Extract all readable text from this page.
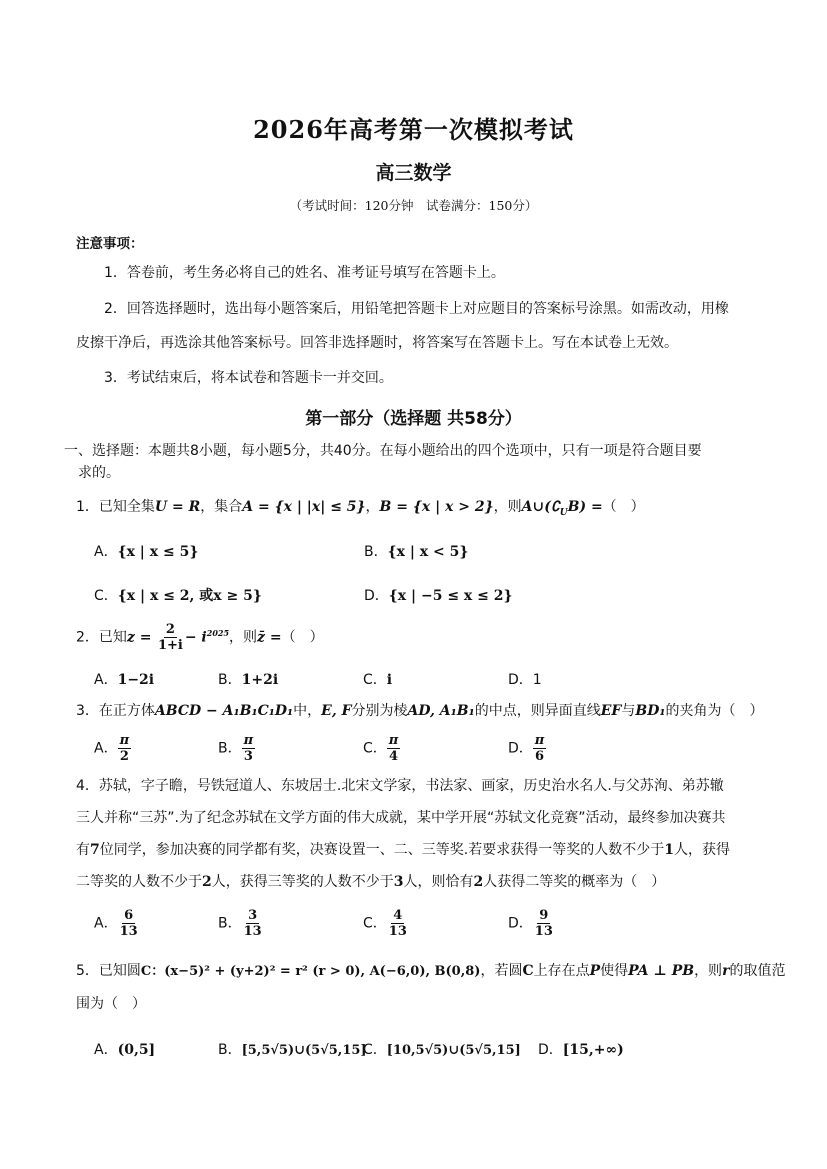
2026年高考第一次模拟考试
高三数学
（考试时间：120分钟　试卷满分：150分）
注意事项：
1．答卷前，考生务必将自己的姓名、准考证号填写在答题卡上。
2．回答选择题时，选出每小题答案后，用铅笔把答题卡上对应题目的答案标号涂黑。如需改动，用橡
皮擦干净后，再选涂其他答案标号。回答非选择题时，将答案写在答题卡上。写在本试卷上无效。
3．考试结束后，将本试卷和答题卡一并交回。
第一部分（选择题 共58分）
一、选择题：本题共8小题，每小题5分，共40分。在每小题给出的四个选项中，只有一项是符合题目要
求的。
1．已知全集U = R，集合A = {x | |x| ≤ 5}，B = {x | x > 2}，则$A\cup(∁_UB)$ =（　）
A．{x | x ≤ 5}	B．{x | x < 5}
C．{x | x ≤ 2, 或x ≥ 5}	D．{x | −5 ≤ x ≤ 2}
2．已知$z = \frac{2}{1+i} - i^{2025}$，则z̄ =（　）
A．1−2i	B．1+2i	C．i	D．1
3．在正方体ABCD − A₁B₁C₁D₁中，E, F分别为棱AD, A₁B₁的中点，则异面直线EF与BD₁的夹角为（　）
A． $\frac{\pi}{2}$	B． $\frac{\pi}{3}$	C． $\frac{\pi}{4}$	D． $\frac{\pi}{6}$
4．苏轼，字子瞻，号铁冠道人、东坡居士.北宋文学家，书法家、画家，历史治水名人.与父苏洵、弟苏辙
三人并称“三苏”.为了纪念苏轼在文学方面的伟大成就，某中学开展“苏轼文化竞赛”活动，最终参加决赛共
有7位同学，参加决赛的同学都有奖，决赛设置一、二、三等奖.若要求获得一等奖的人数不少于1人，获得
二等奖的人数不少于2人，获得三等奖的人数不少于3人，则恰有2人获得二等奖的概率为（　）
A． $\frac{6}{13}$	B． $\frac{3}{13}$	C． $\frac{4}{13}$	D． $\frac{9}{13}$
5．已知圆C：(x−5)² + (y+2)² = r² (r > 0), A(−6,0), B(0,8)，若圆C上存在点P使得PA ⊥ PB，则r的取值范
围为（　）
A．(0,5]	B．[5,5√5)∪(5√5,15]
C．[10,5√5)∪(5√5,15] D．[15,+∞)
